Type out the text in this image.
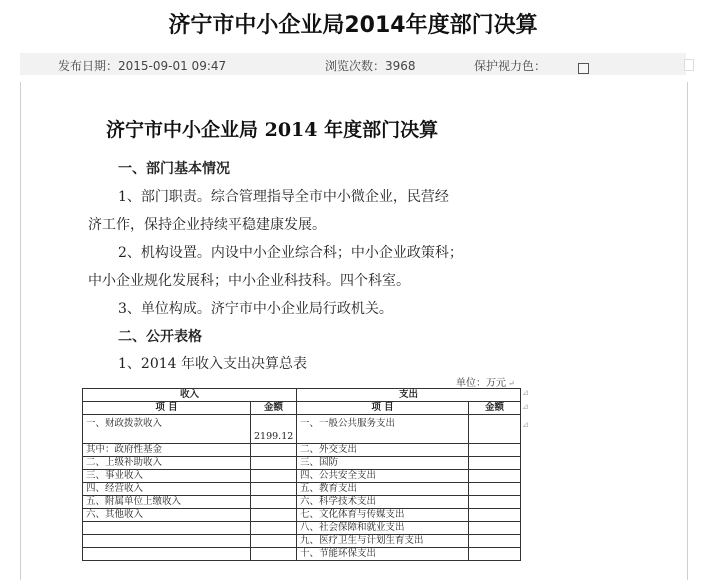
济宁市中小企业局2014年度部门决算
发布日期：2015-09-01 09:47	浏览次数：3968	保护视力色：
济宁市中小企业局 2014 年度部门决算
一、部门基本情况
1、部门职责。综合管理指导全市中小微企业，民营经
济工作，保持企业持续平稳建康发展。
2、机构设置。内设中小企业综合科；中小企业政策科；
中小企业规化发展科；中小企业科技科。四个科室。
3、单位构成。济宁市中小企业局行政机关。
二、公开表格
1、2014 年收入支出决算总表
单位：万元 ↵
收入		支出	
项 目	金额	项 目	金额
一、财政拨款收入	2199.12	一、一般公共服务支出	
其中：政府性基金		二、外交支出	
二、上级补助收入		三、国防	
三、事业收入		四、公共安全支出	
四、经营收入		五、教育支出	
五、附属单位上缴收入		六、科学技术支出	
六、其他收入		七、文化体育与传媒支出	
		八、社会保障和就业支出	
		九、医疗卫生与计划生育支出	
		十、节能环保支出	
⊿
⊿
⊿
